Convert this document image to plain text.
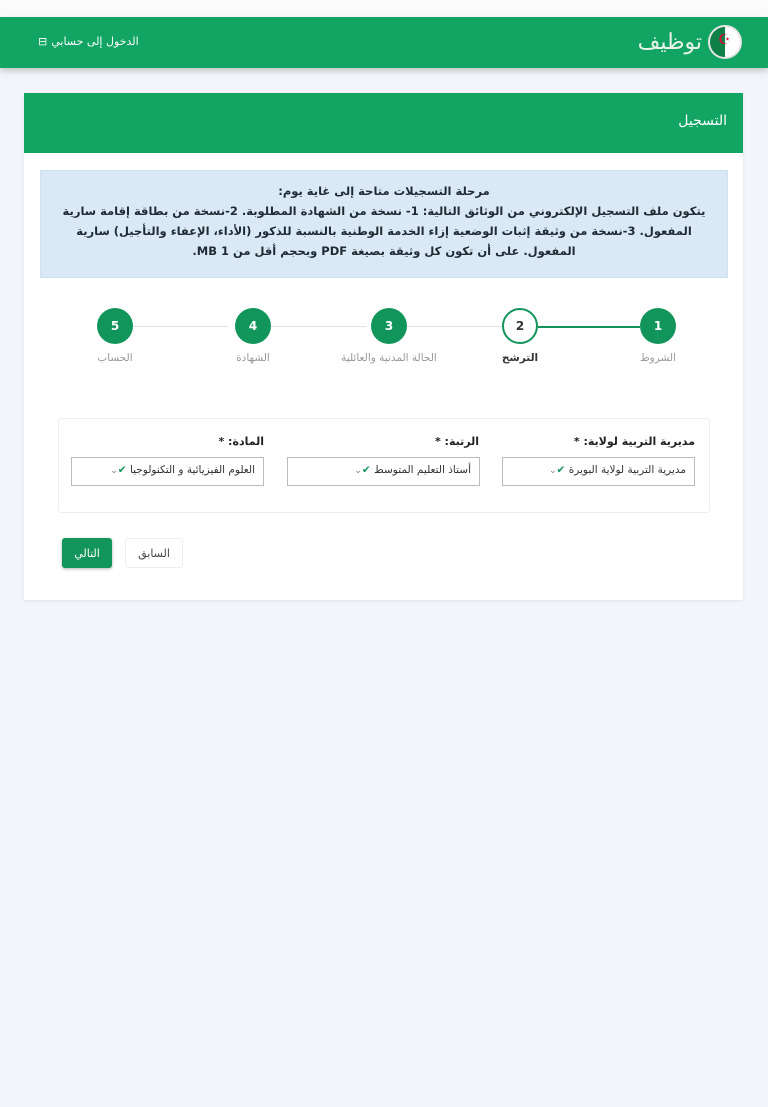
توظيف
☪
الدخول إلى حسابي
⊟
التسجيل
مرحلة التسجيلات متاحة إلى غاية يوم:
يتكون ملف التسجيل الإلكتروني من الوثائق التالية: 1- نسخة من الشهادة المطلوبة. 2-نسخة من بطاقة إقامة سارية المفعول. 3-نسخة من وثيقة إثبات الوضعية إزاء الخدمة الوطنية بالنسبة للذكور (الأداء، الإعفاء والتأجيل) سارية المفعول. على أن تكون كل وثيقة بصيغة PDF وبحجم أقل من 1 MB.
1
2
3
4
5
الشروط
الترشح
الحالة المدنية والعائلية
الشهادة
الحساب
مديرية التربية لولاية: *
مديرية التربية لولاية البويرة ✔⌄
الرتبة: *
أستاذ التعليم المتوسط ✔⌄
المادة: *
العلوم الفيزيائية و التكنولوجيا ✔⌄
التالي	السابق
